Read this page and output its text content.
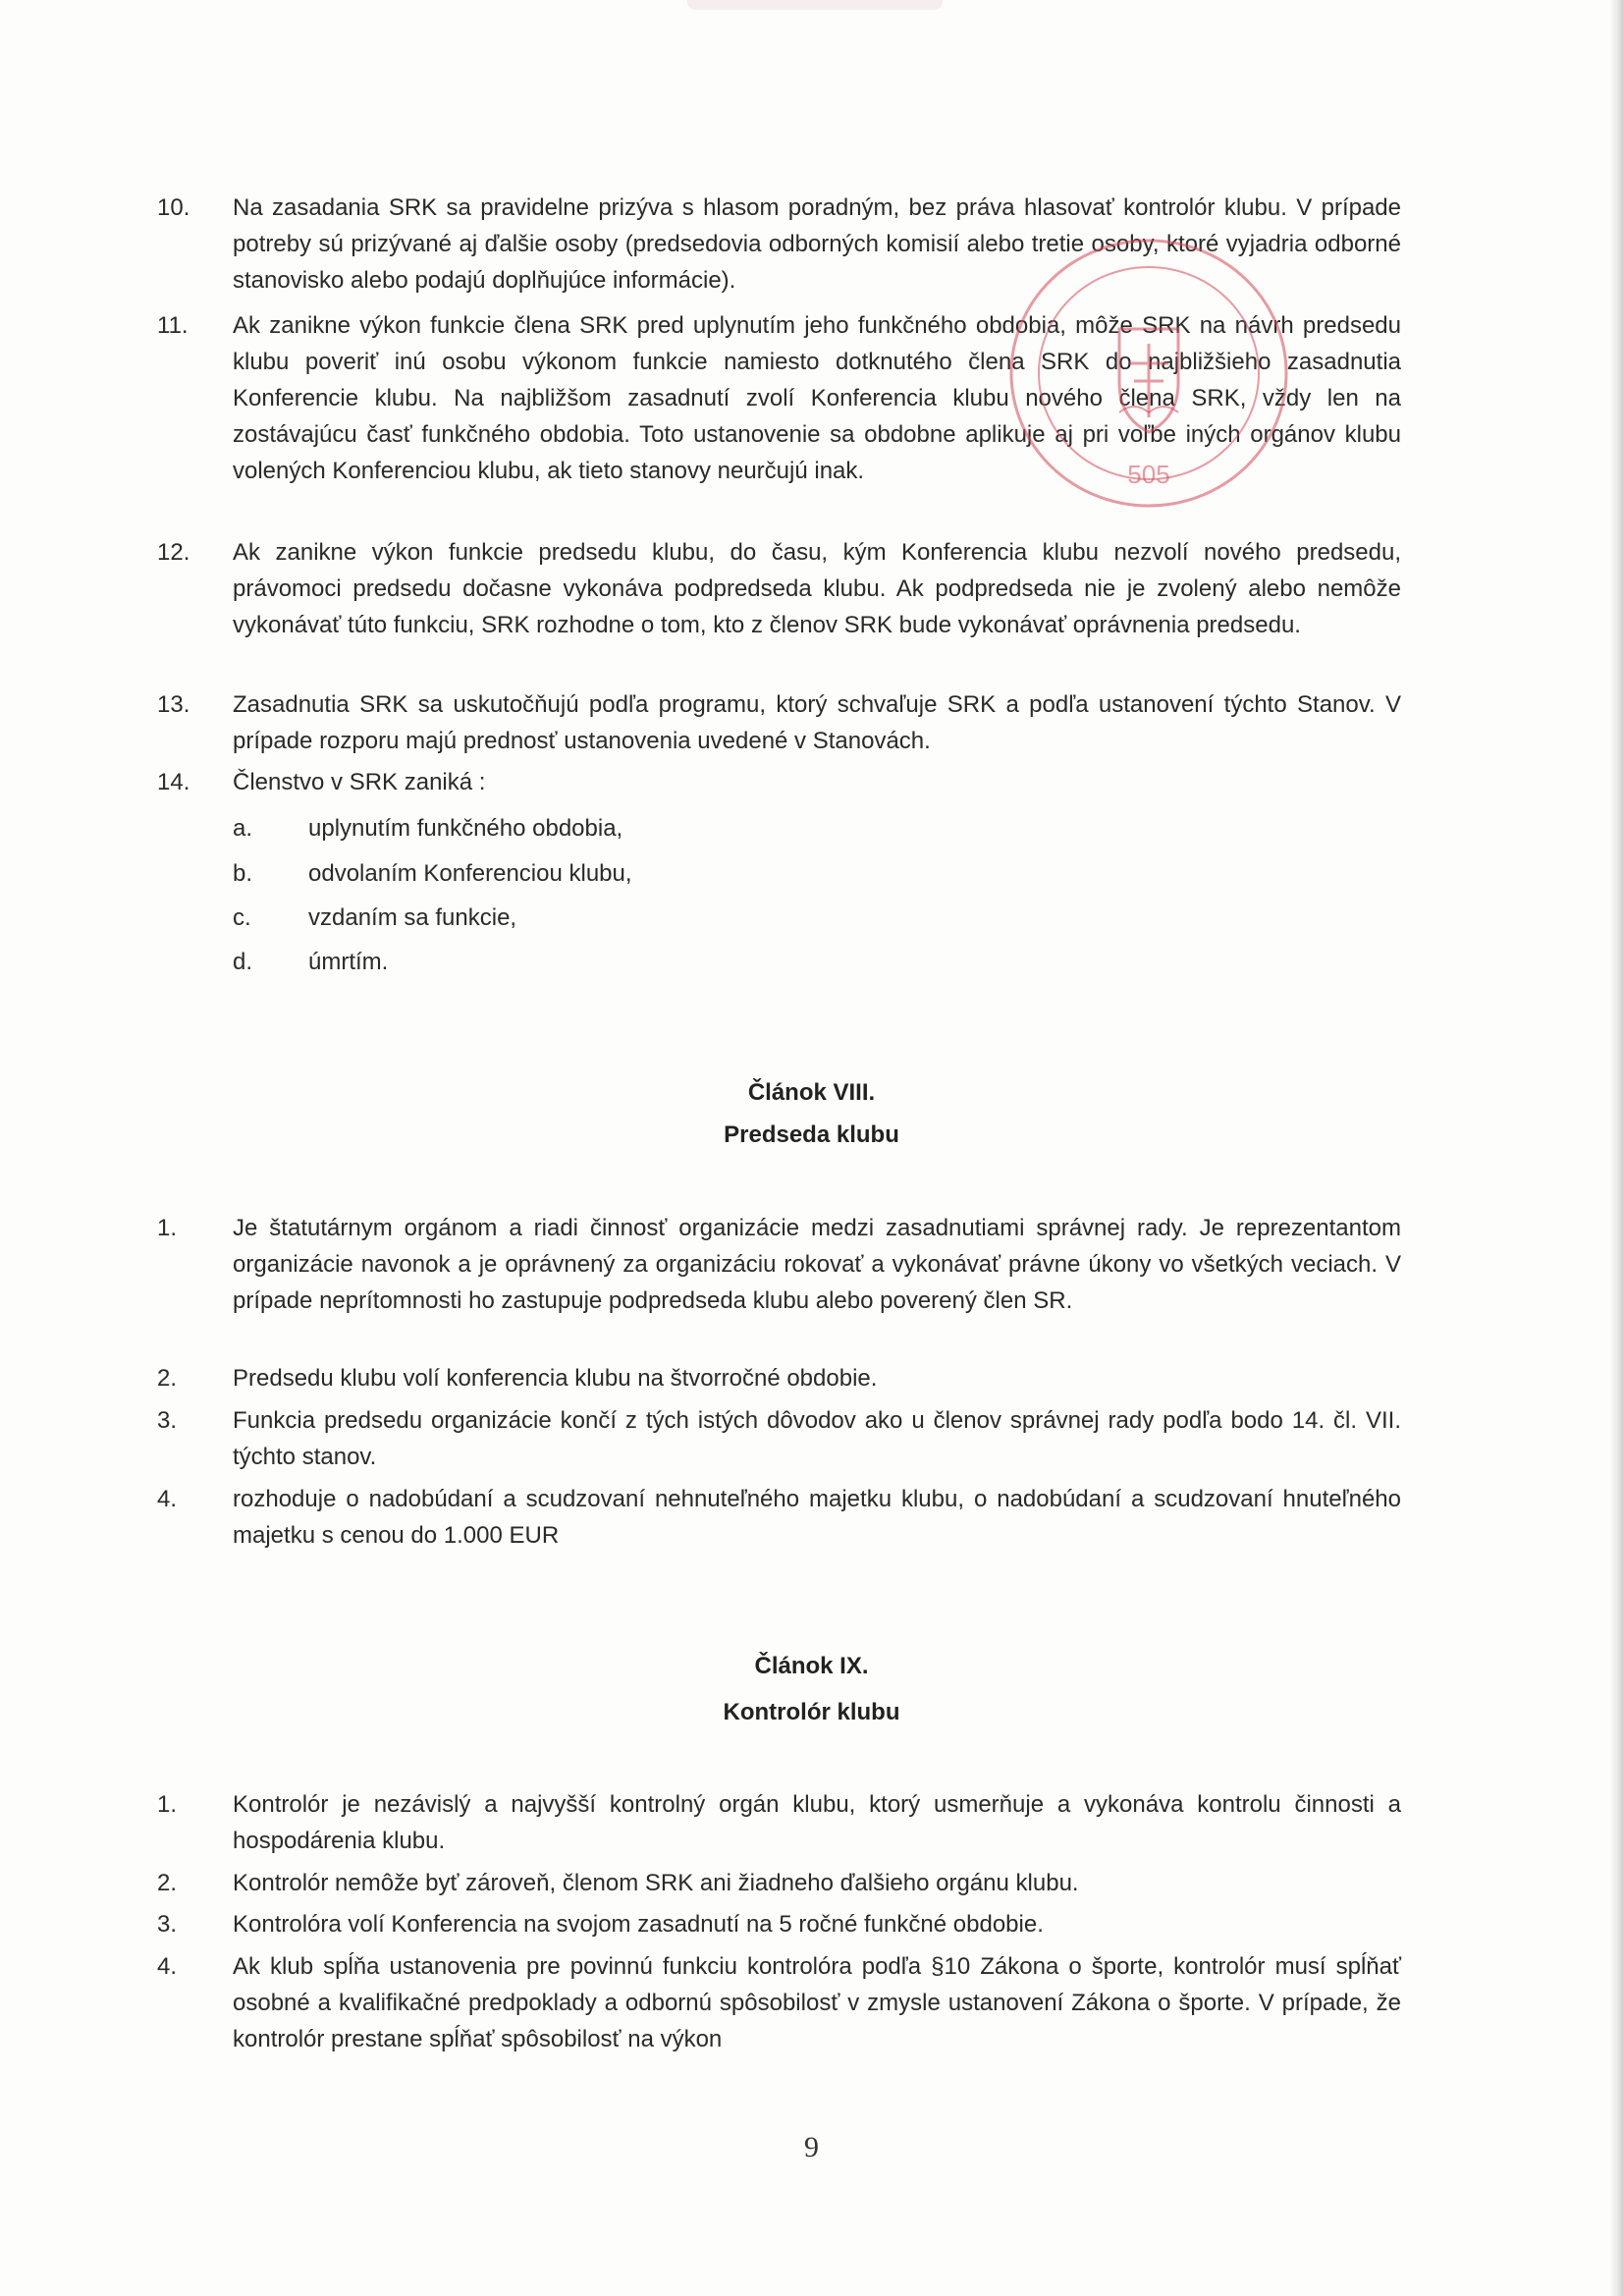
10.	Na zasadania SRK sa pravidelne prizýva s hlasom poradným, bez práva hlasovať kontrolór klubu. V prípade potreby sú prizývané aj ďalšie osoby (predsedovia odborných komisií alebo tretie osoby, ktoré vyjadria odborné stanovisko alebo podajú doplňujúce informácie).
11.	Ak zanikne výkon funkcie člena SRK pred uplynutím jeho funkčného obdobia, môže SRK na návrh predsedu klubu poveriť inú osobu výkonom funkcie namiesto dotknutého člena SRK do najbližšieho zasadnutia Konferencie klubu. Na najbližšom zasadnutí zvolí Konferencia klubu nového člena SRK, vždy len na zostávajúcu časť funkčného obdobia. Toto ustanovenie sa obdobne aplikuje aj pri voľbe iných orgánov klubu volených Konferenciou klubu, ak tieto stanovy neurčujú inak.
12.	Ak zanikne výkon funkcie predsedu klubu, do času, kým Konferencia klubu nezvolí nového predsedu, právomoci predsedu dočasne vykonáva podpredseda klubu. Ak podpredseda nie je zvolený alebo nemôže vykonávať túto funkciu, SRK rozhodne o tom, kto z členov SRK bude vykonávať oprávnenia predsedu.
13.	Zasadnutia SRK sa uskutočňujú podľa programu, ktorý schvaľuje SRK a podľa ustanovení týchto Stanov. V prípade rozporu majú prednosť ustanovenia uvedené v Stanovách.
14.	Členstvo v SRK zaniká :
a. uplynutím funkčného obdobia,
b. odvolaním Konferenciou klubu,
c. vzdaním sa funkcie,
d. úmrtím.
Článok VIII.
Predseda klubu
1.	Je štatutárnym orgánom a riadi činnosť organizácie medzi zasadnutiami správnej rady. Je reprezentantom organizácie navonok a je oprávnený za organizáciu rokovať a vykonávať právne úkony vo všetkých veciach. V prípade neprítomnosti ho zastupuje podpredseda klubu alebo poverený člen SR.
2.	Predsedu klubu volí konferencia klubu na štvorročné obdobie.
3.	Funkcia predsedu organizácie končí z tých istých dôvodov ako u členov správnej rady podľa bodo 14. čl. VII. týchto stanov.
4.	rozhoduje o nadobúdaní a scudzovaní nehnuteľného majetku klubu, o nadobúdaní a scudzovaní hnuteľného majetku s cenou do 1.000 EUR
Článok IX.
Kontrolór klubu
1.	Kontrolór je nezávislý a najvyšší kontrolný orgán klubu, ktorý usmerňuje a vykonáva kontrolu činnosti a hospodárenia klubu.
2.	Kontrolór nemôže byť zároveň, členom SRK ani žiadneho ďalšieho orgánu klubu.
3.	Kontrolóra volí Konferencia na svojom zasadnutí na 5 ročné funkčné obdobie.
4.	Ak klub spĺňa ustanovenia pre povinnú funkciu kontrolóra podľa §10 Zákona o športe, kontrolór musí spĺňať osobné a kvalifikačné predpoklady a odbornú spôsobilosť v zmysle ustanovení Zákona o športe. V prípade, že kontrolór prestane spĺňať spôsobilosť na výkon
505
9
